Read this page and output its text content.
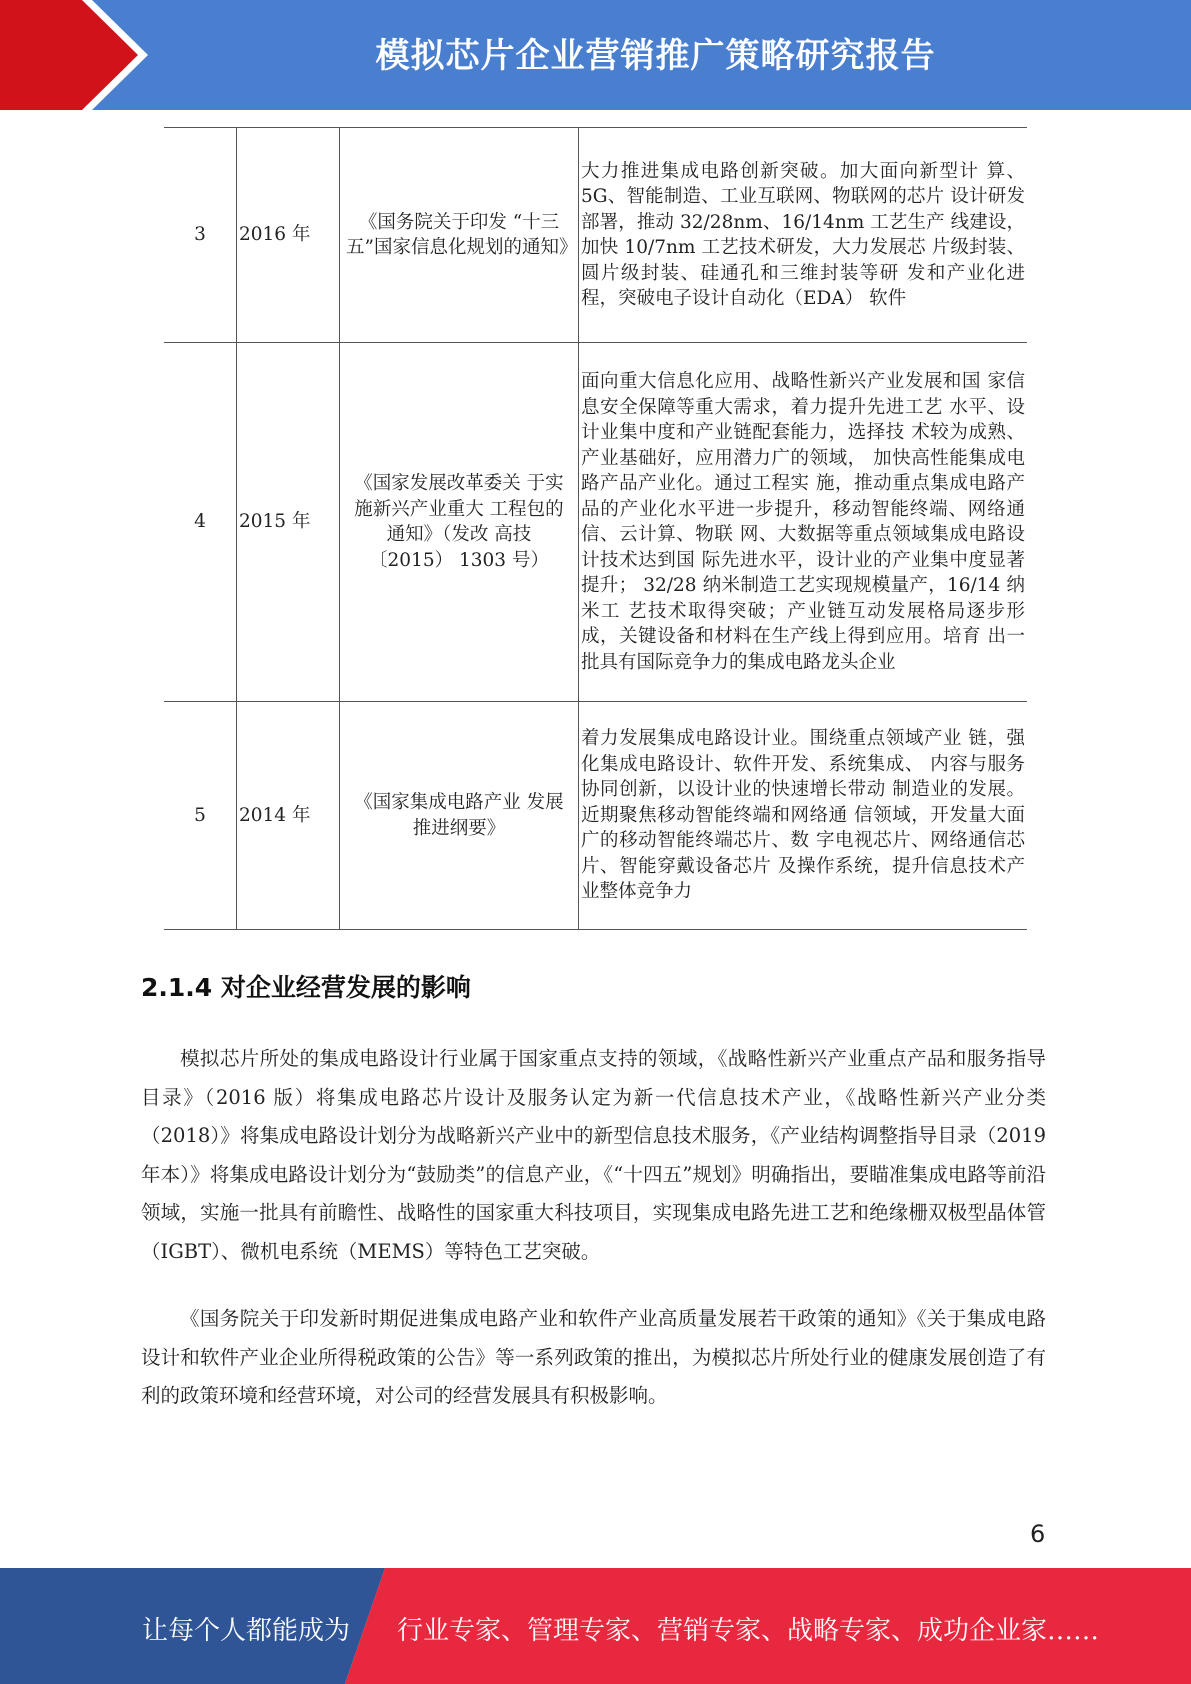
模拟芯片企业营销推广策略研究报告
3	2016 年	《国务院关于印发 “十三五”国家信息化规划的通知》	大力推进集成电路创新突破。加大面向新型计 算、5G、智能制造、工业互联网、物联网的芯片 设计研发部署，推动 32/28nm、16/14nm 工艺生产 线建设，加快 10/7nm 工艺技术研发，大力发展芯 片级封装、圆片级封装、硅通孔和三维封装等研 发和产业化进程，突破电子设计自动化（EDA） 软件
4	2015 年	《国家发展改革委关 于实施新兴产业重大 工程包的通知》（发改 高技〔2015） 1303 号）	面向重大信息化应用、战略性新兴产业发展和国 家信息安全保障等重大需求，着力提升先进工艺 水平、设计业集中度和产业链配套能力，选择技 术较为成熟、产业基础好，应用潜力广的领域， 加快高性能集成电路产品产业化。通过工程实 施，推动重点集成电路产品的产业化水平进一步提升，移动智能终端、网络通信、云计算、物联 网、大数据等重点领域集成电路设计技术达到国 际先进水平，设计业的产业集中度显著提升； 32/28 纳米制造工艺实现规模量产，16/14 纳米工 艺技术取得突破；产业链互动发展格局逐步形 成，关键设备和材料在生产线上得到应用。培育 出一批具有国际竞争力的集成电路龙头企业
5	2014 年	《国家集成电路产业 发展推进纲要》	着力发展集成电路设计业。围绕重点领域产业 链，强化集成电路设计、软件开发、系统集成、 内容与服务协同创新，以设计业的快速增长带动 制造业的发展。近期聚焦移动智能终端和网络通 信领域，开发量大面广的移动智能终端芯片、数 字电视芯片、网络通信芯片、智能穿戴设备芯片 及操作系统，提升信息技术产业整体竞争力
2.1.4 对企业经营发展的影响

模拟芯片所处的集成电路设计行业属于国家重点支持的领域，《战略性新兴产业重点产品和服务指导目录》（2016 版）将集成电路芯片设计及服务认定为新一代信息技术产业，《战略性新兴产业分类（2018）》将集成电路设计划分为战略新兴产业中的新型信息技术服务，《产业结构调整指导目录（2019 年本）》将集成电路设计划分为“鼓励类”的信息产业，《“十四五”规划》明确指出，要瞄准集成电路等前沿领域，实施一批具有前瞻性、战略性的国家重大科技项目，实现集成电路先进工艺和绝缘栅双极型晶体管（IGBT）、微机电系统（MEMS）等特色工艺突破。

《国务院关于印发新时期促进集成电路产业和软件产业高质量发展若干政策的通知》《关于集成电路设计和软件产业企业所得税政策的公告》等一系列政策的推出，为模拟芯片所处行业的健康发展创造了有利的政策环境和经营环境，对公司的经营发展具有积极影响。

6
让每个人都能成为 行业专家、管理专家、营销专家、战略专家、成功企业家……
